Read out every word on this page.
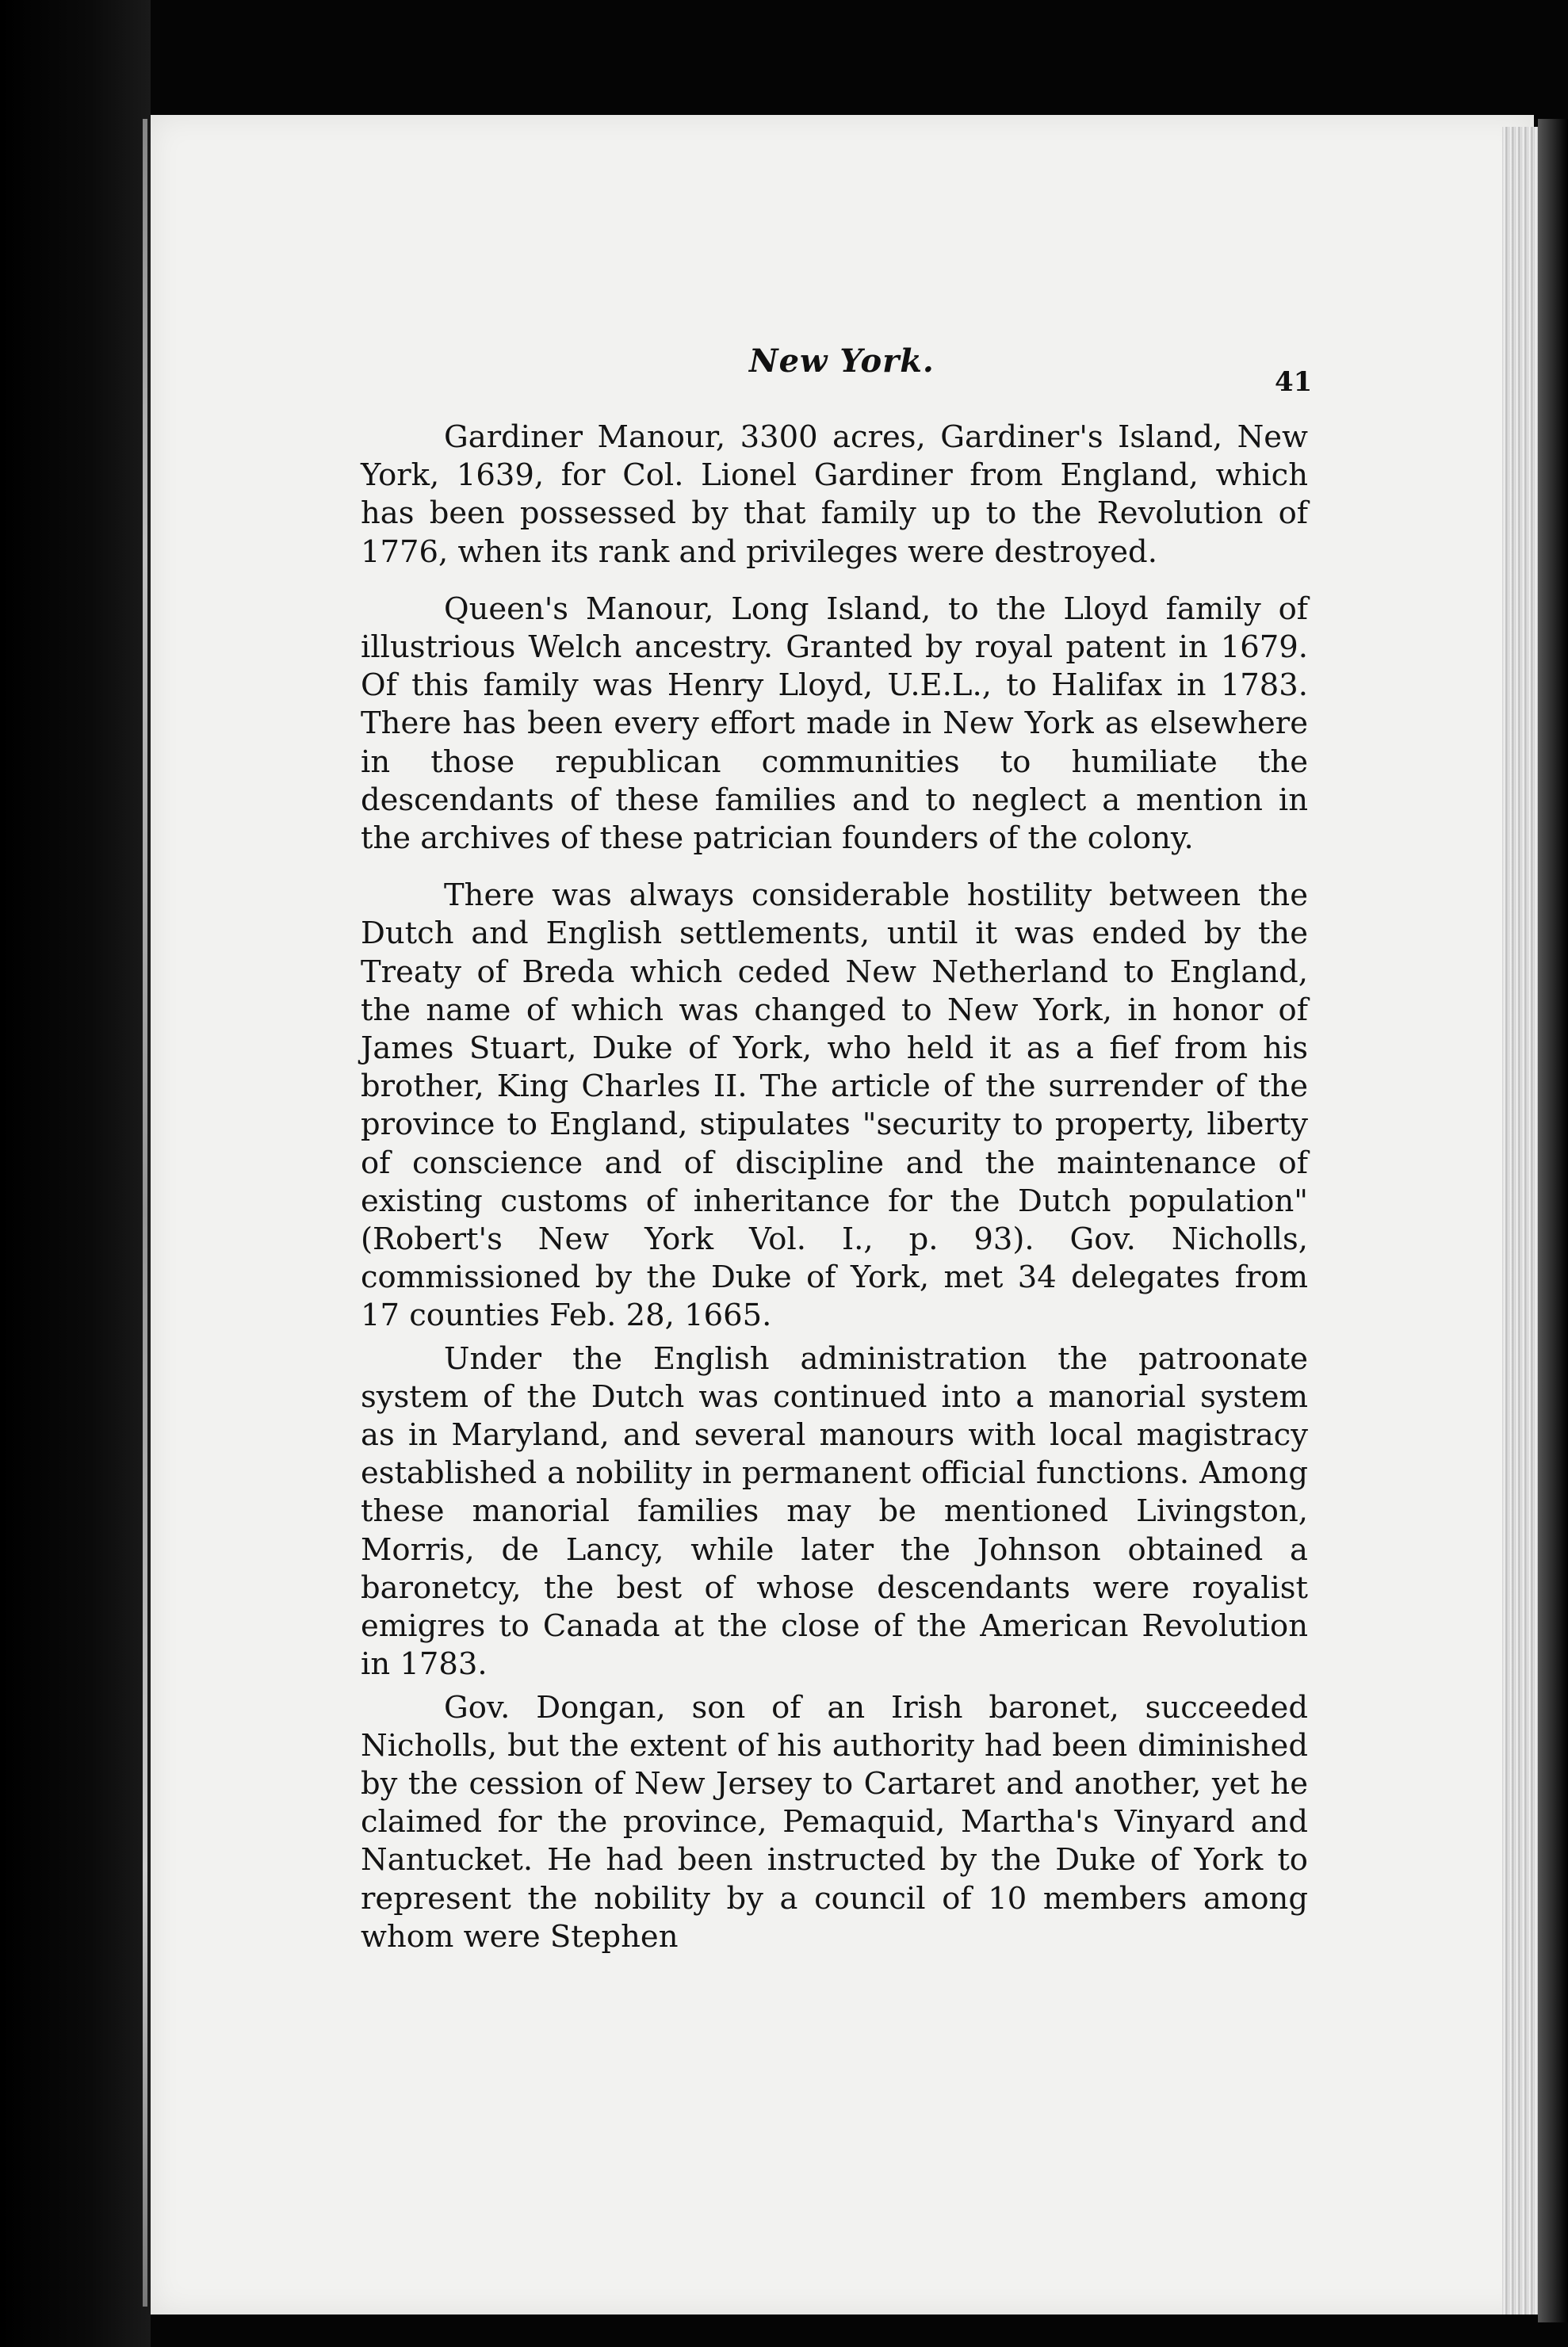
New York.
41

Gardiner Manour, 3300 acres, Gardiner's Island, New York, 1639, for Col. Lionel Gardiner from England, which has been possessed by that family up to the Revolution of 1776, when its rank and privileges were destroyed.

Queen's Manour, Long Island, to the Lloyd family of illustrious Welch ancestry. Granted by royal patent in 1679. Of this family was Henry Lloyd, U.E.L., to Halifax in 1783. There has been every effort made in New York as elsewhere in those republican communities to humiliate the descendants of these families and to neglect a mention in the archives of these patrician founders of the colony.

There was always considerable hostility between the Dutch and English settlements, until it was ended by the Treaty of Breda which ceded New Netherland to England, the name of which was changed to New York, in honor of James Stuart, Duke of York, who held it as a fief from his brother, King Charles II. The article of the surrender of the province to England, stipulates "security to property, liberty of conscience and of discipline and the maintenance of existing customs of inheritance for the Dutch population" (Robert's New York Vol. I., p. 93). Gov. Nicholls, commissioned by the Duke of York, met 34 delegates from 17 counties Feb. 28, 1665.

Under the English administration the patroonate system of the Dutch was continued into a manorial system as in Maryland, and several manours with local magistracy established a nobility in permanent official functions. Among these manorial families may be mentioned Livingston, Morris, de Lancy, while later the Johnson obtained a baronetcy, the best of whose descendants were royalist emigres to Canada at the close of the American Revolution in 1783.

Gov. Dongan, son of an Irish baronet, succeeded Nicholls, but the extent of his authority had been diminished by the cession of New Jersey to Cartaret and another, yet he claimed for the province, Pemaquid, Martha's Vinyard and Nantucket. He had been instructed by the Duke of York to represent the nobility by a council of 10 members among whom were Stephen
